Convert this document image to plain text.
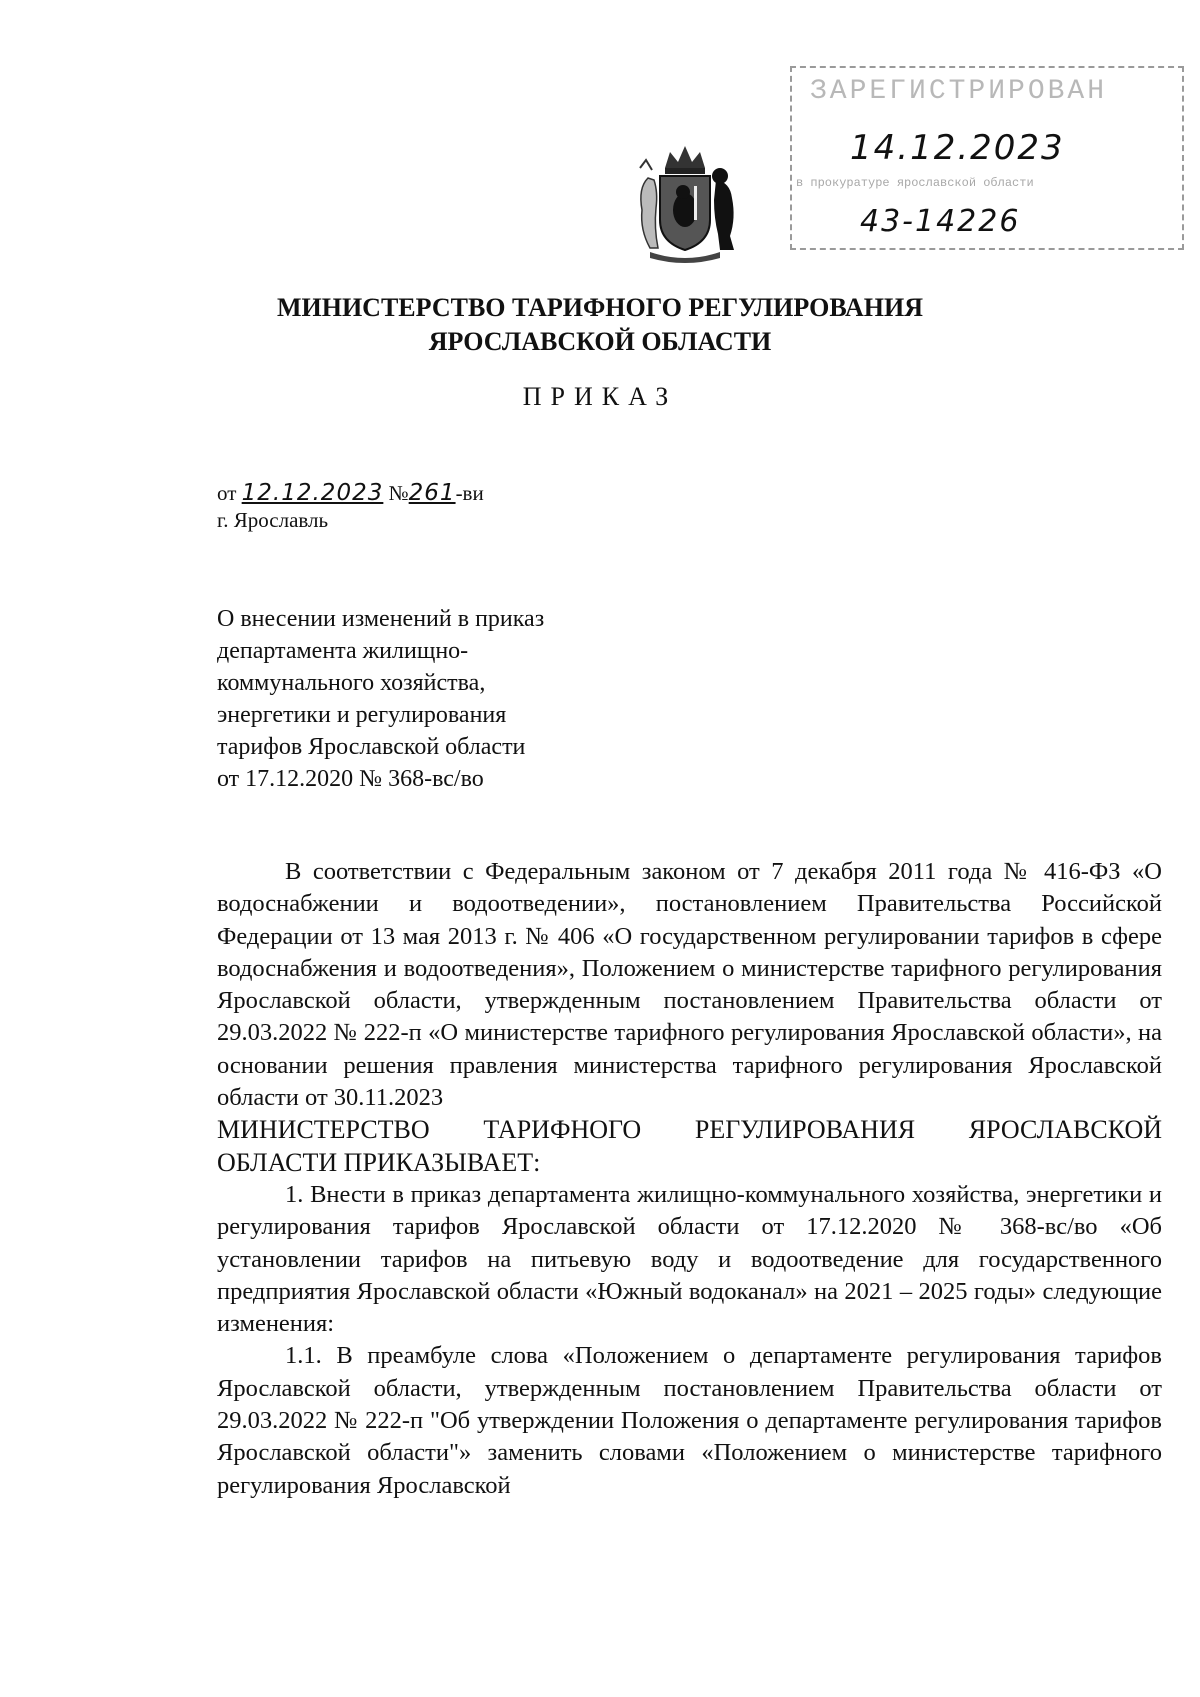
ЗАРЕГИСТРИРОВАН
14.12.2023
в прокуратуре ярославской области
43-14226
МИНИСТЕРСТВО ТАРИФНОГО РЕГУЛИРОВАНИЯ
ЯРОСЛАВСКОЙ ОБЛАСТИ
ПРИКАЗ
от 12.12.2023 №261-ви
г. Ярославль
О внесении изменений в приказ
департамента жилищно-
коммунального хозяйства,
энергетики и регулирования
тарифов Ярославской области
от 17.12.2020 № 368-вс/во

В соответствии с Федеральным законом от 7 декабря 2011 года № 416-ФЗ «О водоснабжении и водоотведении», постановлением Правительства Российской Федерации от 13 мая 2013 г. № 406 «О государственном регулировании тарифов в сфере водоснабжения и водоотведения», Положением о министерстве тарифного регулирования Ярославской области, утвержденным постановлением Правительства области от 29.03.2022 № 222-п «О министерстве тарифного регулирования Ярославской области», на основании решения правления министерства тарифного регулирования Ярославской области от 30.11.2023

МИНИСТЕРСТВО ТАРИФНОГО РЕГУЛИРОВАНИЯ ЯРОСЛАВСКОЙ

ОБЛАСТИ ПРИКАЗЫВАЕТ:

1. Внести в приказ департамента жилищно-коммунального хозяйства, энергетики и регулирования тарифов Ярославской области от 17.12.2020 № 368-вс/во «Об установлении тарифов на питьевую воду и водоотведение для государственного предприятия Ярославской области «Южный водоканал» на 2021 – 2025 годы» следующие изменения:

1.1. В преамбуле слова «Положением о департаменте регулирования тарифов Ярославской области, утвержденным постановлением Правительства области от 29.03.2022 № 222-п "Об утверждении Положения о департаменте регулирования тарифов Ярославской области"» заменить словами «Положением о министерстве тарифного регулирования Ярославской
